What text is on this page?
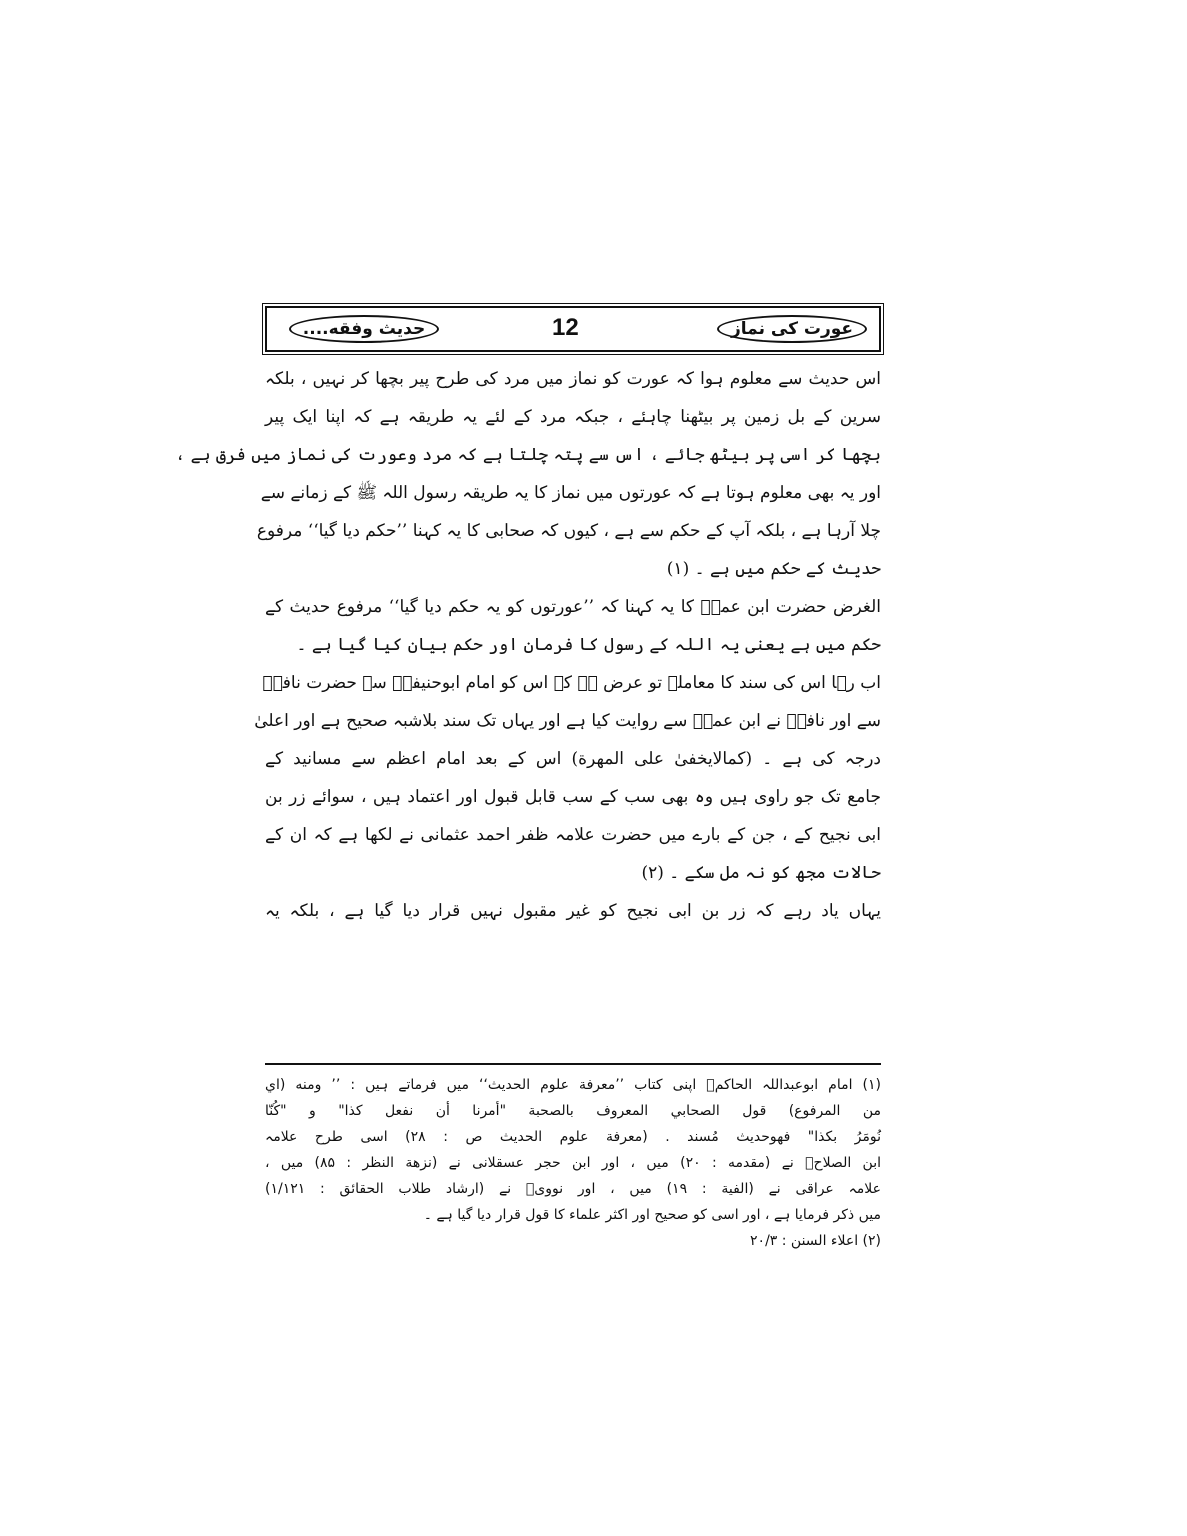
عورت کی نماز
12
حدیث وفقه....
اس حدیث سے معلوم ہوا کہ عورت کو نماز میں مرد کی طرح پیر بچھا کر نہیں ، بلکہ
سرین کے بل زمین پر بیٹھنا چاہئے ، جبکہ مرد کے لئے یہ طریقہ ہے کہ اپنا ایک پیر
بچھا کر اسی پر بیٹھ جائے ، اس سے پتہ چلتا ہے کہ مرد وعورت کی نماز میں فرق ہے ،
اور یہ بھی معلوم ہوتا ہے کہ عورتوں میں نماز کا یہ طریقہ رسول اللہ ﷺ کے زمانے سے
چلا آرہا ہے ، بلکہ آپ کے حکم سے ہے ، کیوں کہ صحابی کا یہ کہنا ’’حکم دیا گیا‘‘ مرفوع
حدیث کے حکم میں ہے ۔ (۱)
الغرض حضرت ابن عمرؓ کا یہ کہنا کہ ’’عورتوں کو یہ حکم دیا گیا‘‘ مرفوع حدیث کے
حکم میں ہے یعنی یہ اللہ کے رسول کا فرمان اور حکم بیان کیا گیا ہے ۔
اب رہا اس کی سند کا معاملہ تو عرض ہے کہ اس کو امام ابوحنیفہؒ سے حضرت نافعؒ
سے اور نافعؒ نے ابن عمرؓ سے روایت کیا ہے اور یہاں تک سند بلاشبہ صحیح ہے اور اعلیٰ
درجہ کی ہے ۔ (کمالایخفیٰ علی المهرة) اس کے بعد امام اعظم سے مسانید کے
جامع تک جو راوی ہیں وہ بھی سب کے سب قابل قبول اور اعتماد ہیں ، سوائے زر بن
ابی نجیح کے ، جن کے بارے میں حضرت علامہ ظفر احمد عثمانی نے لکھا ہے کہ ان کے
حالات مجھ کو نہ مل سکے ۔ (۲)
یہاں یاد رہے کہ زر بن ابی نجیح کو غیر مقبول نہیں قرار دیا گیا ہے ، بلکہ یہ
(۱) امام ابوعبداللہ الحاکمؒ اپنی کتاب ’’معرفة علوم الحدیث‘‘ میں فرماتے ہیں : ’’ ومنه (اي
من المرفوع) قول الصحابي المعروف بالصحبة "أمرنا أن نفعل كذا" و "كُنّا
نُومَرُ بكذا" فهوحديث مُسند . (معرفة علوم الحديث ص : ۲۸) اسی طرح علامہ
ابن الصلاحؒ نے (مقدمه : ۲۰) میں ، اور ابن حجر عسقلانی نے (نزهة النظر : ۸۵) میں ،
علامہ عراقی نے (الفية : ۱۹) میں ، اور نوویؒ نے (ارشاد طلاب الحقائق : ۱/۱۲۱)
میں ذکر فرمایا ہے ، اور اسی کو صحیح اور اکثر علماء کا قول قرار دیا گیا ہے ۔
(۲) اعلاء السنن : ۲۰/۳
